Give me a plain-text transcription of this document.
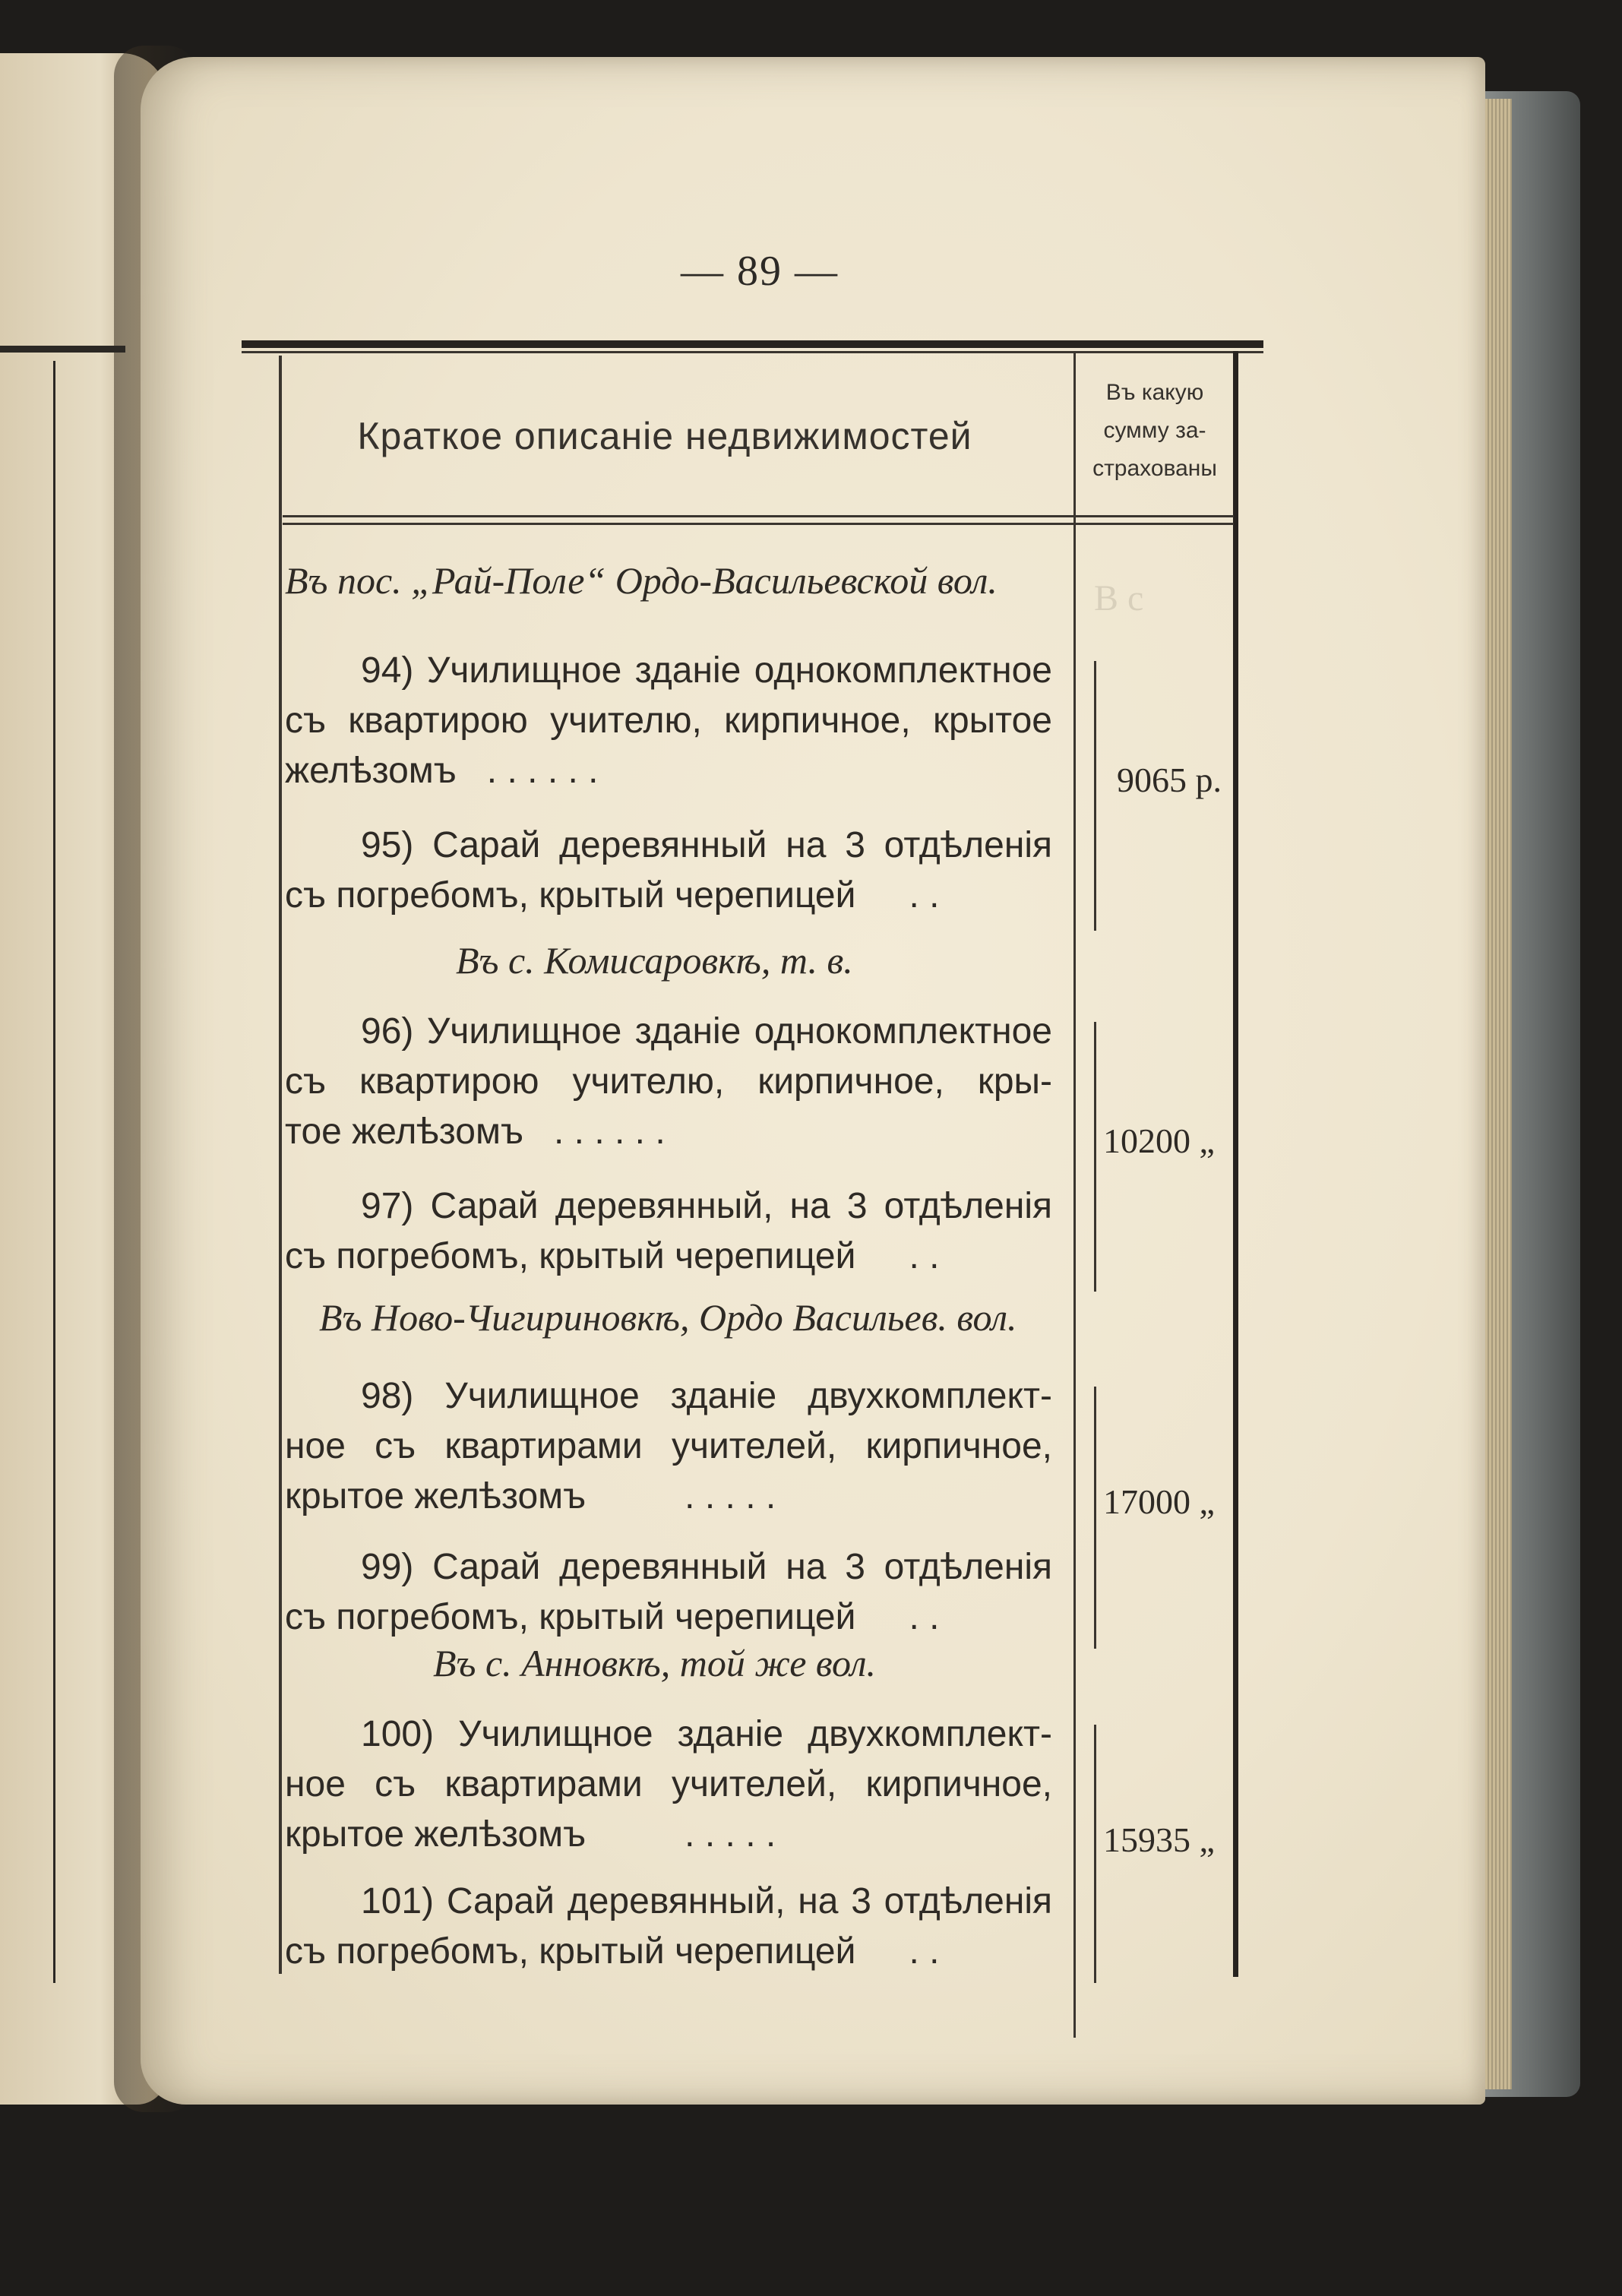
— 89 —
Краткое описаніе недвижимостей
Въ какую
сумму за-
страхованы
В с
Въ пос. „Рай-Поле“ Ордо-Васильевской вол.
94) Училищное зданіе однокомплектное
съ квартирою учителю, кирпичное, крытое
желѣзомъ . . . . . .
95) Сарай деревянный на 3 отдѣленія
съ погребомъ, крытый черепицей . .
9065 р.
Въ с. Комисаровкѣ, т. в.
96) Училищное зданіе однокомплектное
съ квартирою учителю, кирпичное, кры-
тое желѣзомъ . . . . . .
97) Сарай деревянный, на 3 отдѣленія
съ погребомъ, крытый черепицей . .
10200 „
Въ Ново-Чигириновкѣ, Ордо Васильев. вол.
98) Училищное зданіе двухкомплект-
ное съ квартирами учителей, кирпичное,
крытое желѣзомъ	. . . . .
99) Сарай деревянный на 3 отдѣленія
съ погребомъ, крытый черепицей . .
17000 „
Въ с. Анновкѣ, той же вол.
100) Училищное зданіе двухкомплект-
ное съ квартирами учителей, кирпичное,
крытое желѣзомъ	. . . . .
101) Сарай деревянный, на 3 отдѣленія
съ погребомъ, крытый черепицей . .
15935 „
